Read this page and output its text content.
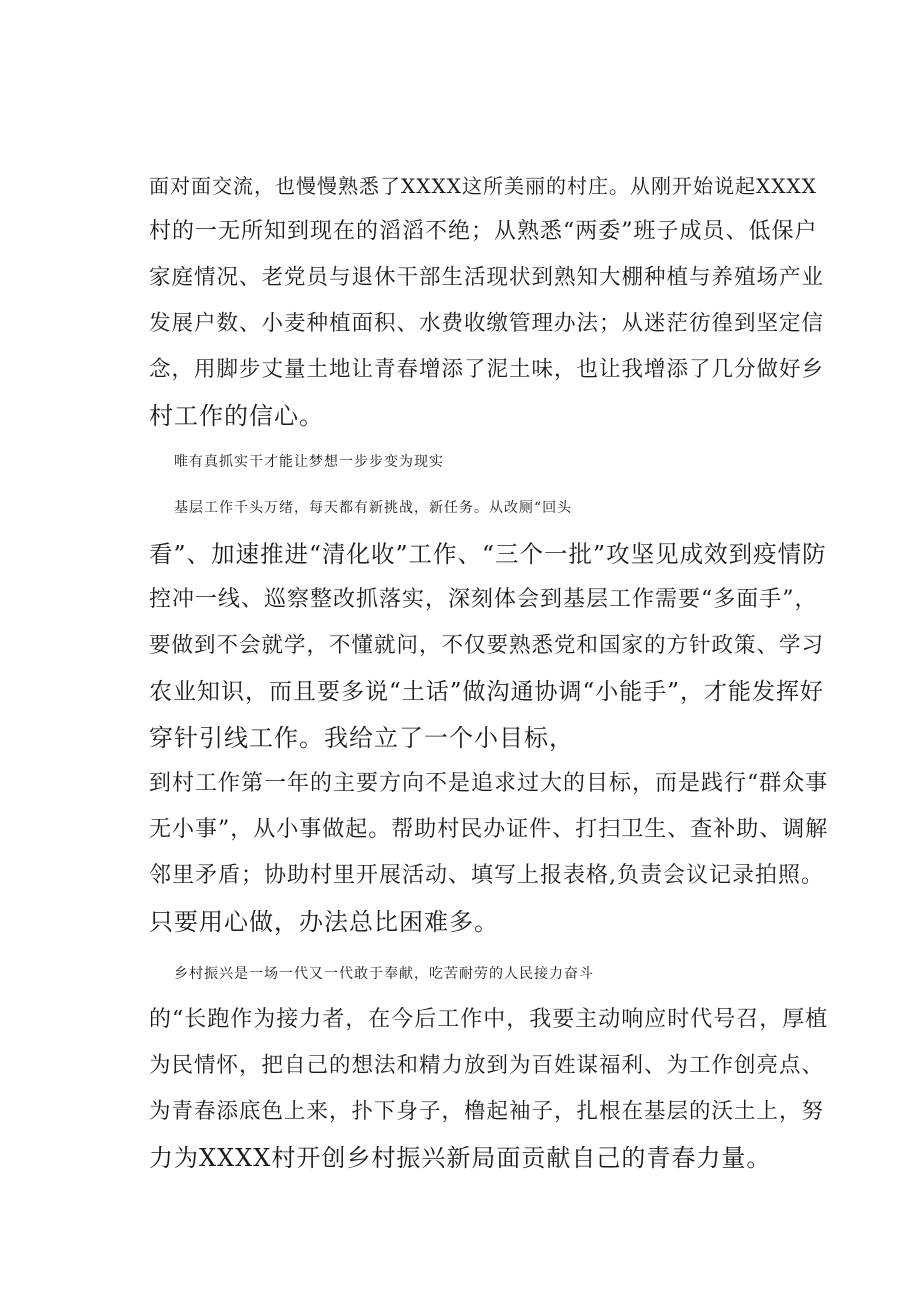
面对面交流，也慢慢熟悉了XXXX这所美丽的村庄。从刚开始说起XXXX
村的一无所知到现在的滔滔不绝；从熟悉“两委”班子成员、低保户
家庭情况、老党员与退休干部生活现状到熟知大棚种植与养殖场产业
发展户数、小麦种植面积、水费收缴管理办法；从迷茫彷徨到坚定信
念，用脚步丈量土地让青春增添了泥土味，也让我增添了几分做好乡
村工作的信心。
唯有真抓实干才能让梦想一步步变为现实
基层工作千头万绪，每天都有新挑战，新任务。从改厕“回头
看”、加速推进“清化收”工作、“三个一批”攻坚见成效到疫情防
控冲一线、巡察整改抓落实，深刻体会到基层工作需要“多面手”，
要做到不会就学，不懂就问，不仅要熟悉党和国家的方针政策、学习
农业知识，而且要多说“土话”做沟通协调“小能手”，才能发挥好
穿针引线工作。我给立了一个小目标，
到村工作第一年的主要方向不是追求过大的目标，而是践行“群众事
无小事”，从小事做起。帮助村民办证件、打扫卫生、查补助、调解
邻里矛盾；协助村里开展活动、填写上报表格,负责会议记录拍照。
只要用心做，办法总比困难多。
乡村振兴是一场一代又一代敢于奉献，吃苦耐劳的人民接力奋斗
的“长跑作为接力者，在今后工作中，我要主动响应时代号召，厚植
为民情怀，把自己的想法和精力放到为百姓谋福利、为工作创亮点、
为青春添底色上来，扑下身子，橹起袖子，扎根在基层的沃土上，努
力为XXXX村开创乡村振兴新局面贡献自己的青春力量。
